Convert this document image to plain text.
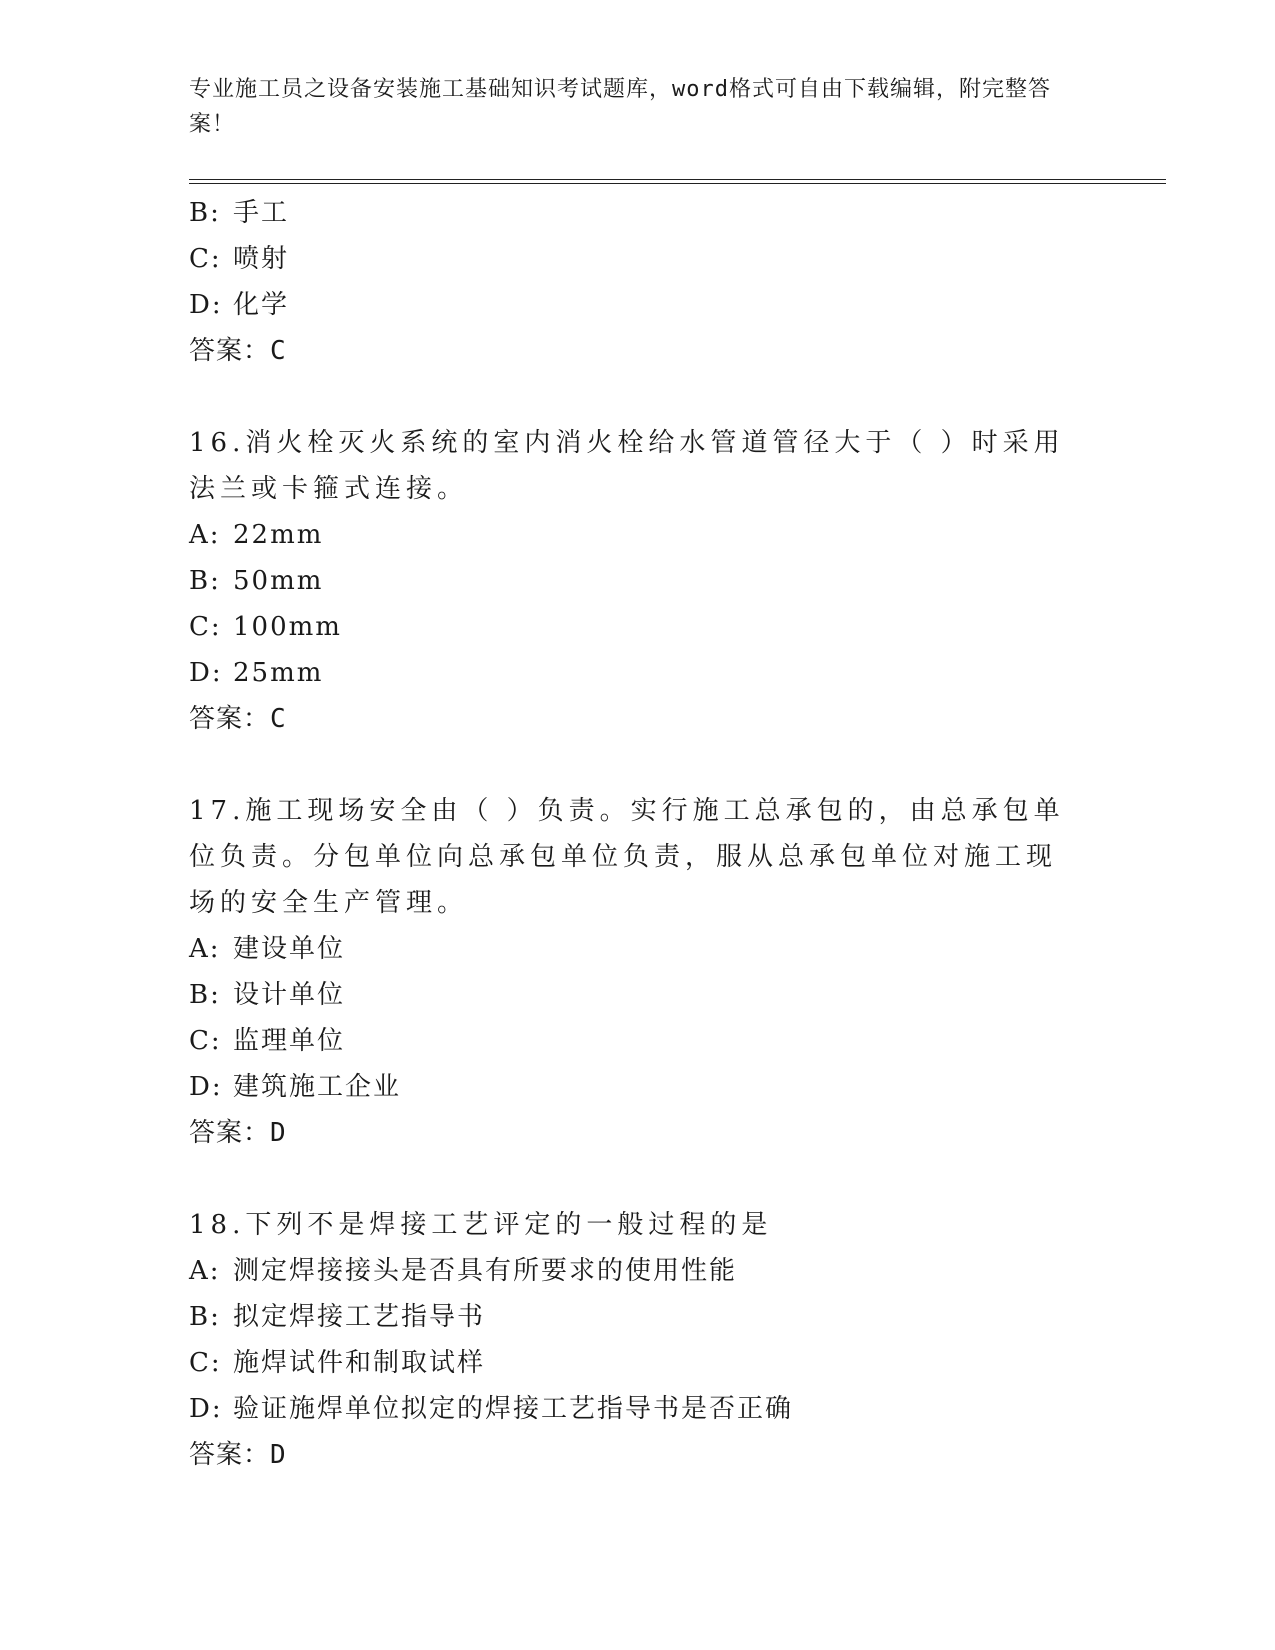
专业施工员之设备安装施工基础知识考试题库，word格式可自由下载编辑，附完整答案！
B: 手工
C: 喷射
D: 化学
答案：C
16.消火栓灭火系统的室内消火栓给水管道管径大于（ ）时采用法兰或卡箍式连接。
A: 22mm
B: 50mm
C: 100mm
D: 25mm
答案：C
17.施工现场安全由（ ）负责。实行施工总承包的，由总承包单位负责。分包单位向总承包单位负责，服从总承包单位对施工现场的安全生产管理。
A: 建设单位
B: 设计单位
C: 监理单位
D: 建筑施工企业
答案：D
18.下列不是焊接工艺评定的一般过程的是
A: 测定焊接接头是否具有所要求的使用性能
B: 拟定焊接工艺指导书
C: 施焊试件和制取试样
D: 验证施焊单位拟定的焊接工艺指导书是否正确
答案：D
